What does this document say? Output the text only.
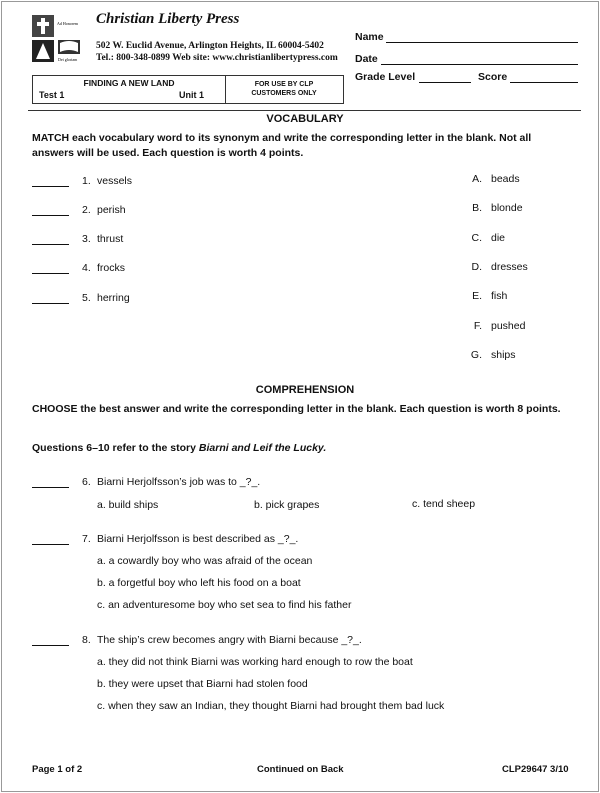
Ad Honorem
Dei gloriam
Christian Liberty Press
502 W. Euclid Avenue, Arlington Heights, IL 60004-5402
Tel.: 800-348-0899 Web site: www.christianlibertypress.com
Name
Date
Grade Level	Score
FINDING A NEW LAND
Test 1	Unit 1
FOR USE BY CLP
CUSTOMERS ONLY
VOCABULARY
MATCH each vocabulary word to its synonym and write the corresponding letter in the blank. Not all answers will be used. Each question is worth 4 points.
1. vessels
2. perish
3. thrust
4. frocks
5. herring
A. beads
B. blonde
C. die
D. dresses
E. fish
F. pushed
G. ships
COMPREHENSION
CHOOSE the best answer and write the corresponding letter in the blank. Each question is worth 8 points.
Questions 6–10 refer to the story Biarni and Leif the Lucky.
6. Biarni Herjolfsson’s job was to _?_.
a. build ships	b. pick grapes	c. tend sheep
7. Biarni Herjolfsson is best described as _?_.
a. a cowardly boy who was afraid of the ocean
b. a forgetful boy who left his food on a boat
c. an adventuresome boy who set sea to find his father
8. The ship’s crew becomes angry with Biarni because _?_.
a. they did not think Biarni was working hard enough to row the boat
b. they were upset that Biarni had stolen food
c. when they saw an Indian, they thought Biarni had brought them bad luck
Page 1 of 2	Continued on Back	CLP29647 3/10
